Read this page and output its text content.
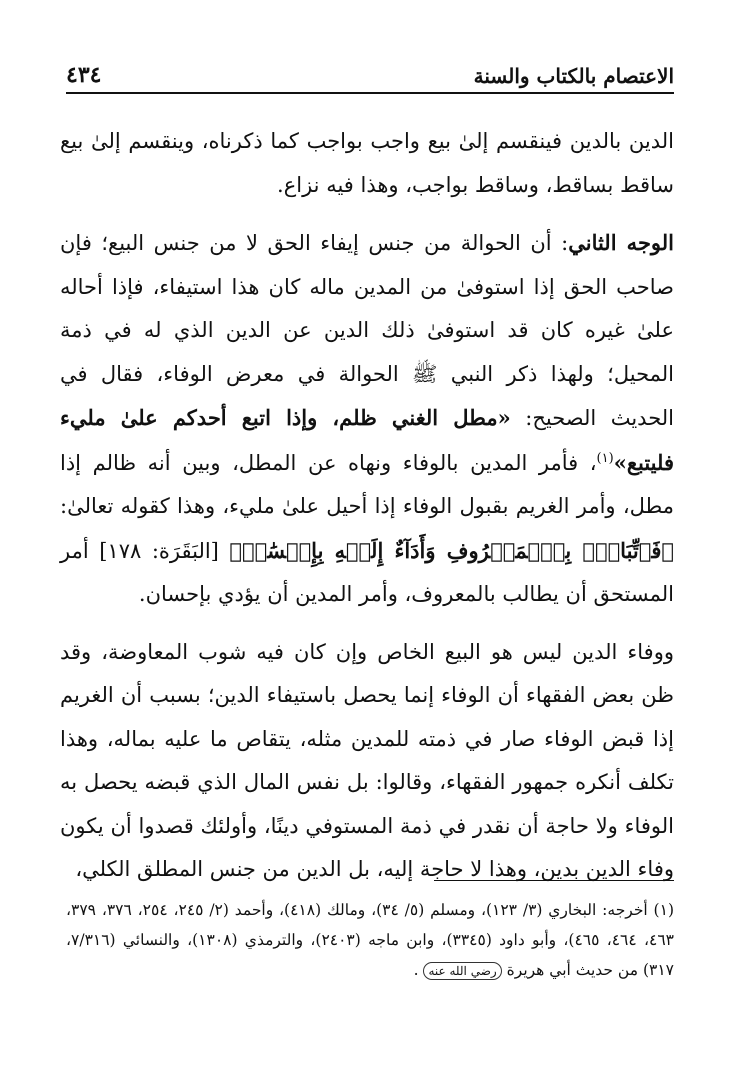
الاعتصام بالكتاب والسنة
٤٣٤

الدين بالدين فينقسم إلىٰ بيع واجب بواجب كما ذكرناه، وينقسم إلىٰ بيع ساقط بساقط، وساقط بواجب، وهذا فيه نزاع.

الوجه الثاني: أن الحوالة من جنس إيفاء الحق لا من جنس البيع؛ فإن صاحب الحق إذا استوفىٰ من المدين ماله كان هذا استيفاء، فإذا أحاله علىٰ غيره كان قد استوفىٰ ذلك الدين عن الدين الذي له في ذمة المحيل؛ ولهذا ذكر النبي ﷺ الحوالة في معرض الوفاء، فقال في الحديث الصحيح: «مطل الغني ظلم، وإذا اتبع أحدكم علىٰ مليء فليتبع»$^{(١)}$، فأمر المدين بالوفاء ونهاه عن المطل، وبين أنه ظالم إذا مطل، وأمر الغريم بقبول الوفاء إذا أحيل علىٰ مليء، وهذا كقوله تعالىٰ: ﴿فَٱتِّبَاعٌۢ بِٱلۡمَعۡرُوفِ وَأَدَآءٌ إِلَيۡهِ بِإِحۡسَٰنٖ﴾ [البَقَرَة: ١٧٨] أمر المستحق أن يطالب بالمعروف، وأمر المدين أن يؤدي بإحسان.

ووفاء الدين ليس هو البيع الخاص وإن كان فيه شوب المعاوضة، وقد ظن بعض الفقهاء أن الوفاء إنما يحصل باستيفاء الدين؛ بسبب أن الغريم إذا قبض الوفاء صار في ذمته للمدين مثله، يتقاص ما عليه بماله، وهذا تكلف أنكره جمهور الفقهاء، وقالوا: بل نفس المال الذي قبضه يحصل به الوفاء ولا حاجة أن نقدر في ذمة المستوفي دينًا، وأولئك قصدوا أن يكون وفاء الدين بدين، وهذا لا حاجة إليه، بل الدين من جنس المطلق الكلي،

(١) أخرجه: البخاري (٣/ ١٢٣)، ومسلم (٥/ ٣٤)، ومالك (٤١٨)، وأحمد (٢/ ٢٤٥، ٢٥٤، ٣٧٦، ٣٧٩، ٤٦٣، ٤٦٤، ٤٦٥)، وأبو داود (٣٣٤٥)، وابن ماجه (٢٤٠٣)، والترمذي (١٣٠٨)، والنسائي (٧/٣١٦، ٣١٧) من حديث أبي هريرة رضي الله عنه .
